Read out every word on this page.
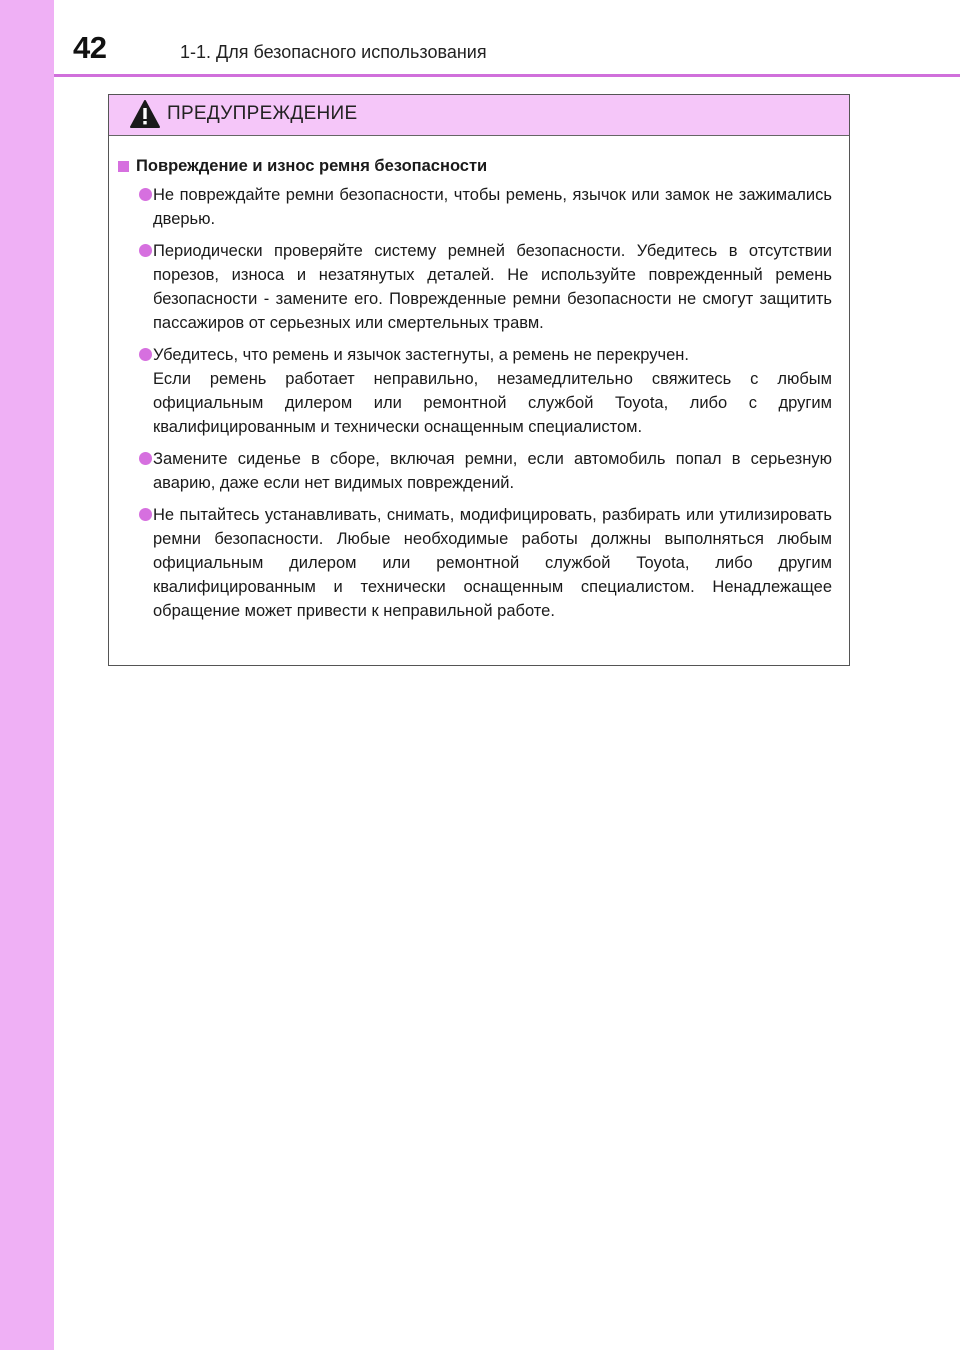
42	1-1. Для безопасного использования
ПРЕДУПРЕЖДЕНИЕ
Повреждение и износ ремня безопасности

Не повреждайте ремни безопасности, чтобы ремень, язычок или замок не зажимались дверью.

Периодически проверяйте систему ремней безопасности. Убедитесь в отсутствии порезов, износа и незатянутых деталей. Не используйте поврежденный ремень безопасности - замените его. Поврежденные ремни безопасности не смогут защитить пассажиров от серьезных или смертельных травм.

Убедитесь, что ремень и язычок застегнуты, а ремень не перекручен.

Если ремень работает неправильно, незамедлительно свяжитесь с любым официальным дилером или ремонтной службой Toyota, либо с другим квалифицированным и технически оснащенным специалистом.

Замените сиденье в сборе, включая ремни, если автомобиль попал в серьезную аварию, даже если нет видимых повреждений.

Не пытайтесь устанавливать, снимать, модифицировать, разбирать или утилизировать ремни безопасности. Любые необходимые работы должны выполняться любым официальным дилером или ремонтной службой Toyota, либо другим квалифицированным и технически оснащенным специалистом. Ненадлежащее обращение может привести к неправильной работе.
